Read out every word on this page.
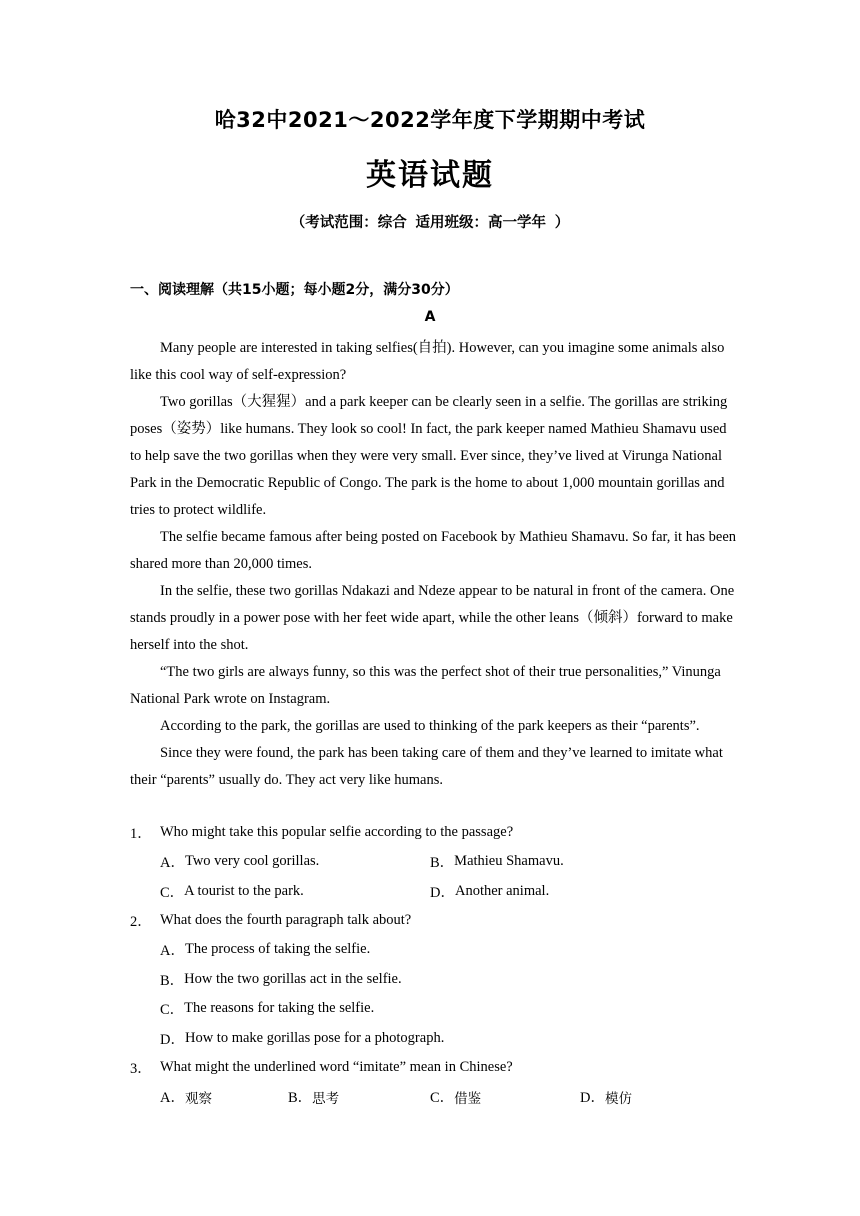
哈32中2021～2022学年度下学期期中考试
英语试题
（考试范围：综合 适用班级：高一学年 ）
一、阅读理解（共15小题；每小题2分，满分30分）
A

Many people are interested in taking selfies(自拍). However, can you imagine some animals also like this cool way of self-expression?

Two gorillas（大猩猩）and a park keeper can be clearly seen in a selfie. The gorillas are striking poses（姿势）like humans. They look so cool! In fact, the park keeper named Mathieu Shamavu used to help save the two gorillas when they were very small. Ever since, they’ve lived at Virunga National Park in the Democratic Republic of Congo. The park is the home to about 1,000 mountain gorillas and tries to protect wildlife.

The selfie became famous after being posted on Facebook by Mathieu Shamavu. So far, it has been shared more than 20,000 times.

In the selfie, these two gorillas Ndakazi and Ndeze appear to be natural in front of the camera. One stands proudly in a power pose with her feet wide apart, while the other leans（倾斜）forward to make herself into the shot.

“The two girls are always funny, so this was the perfect shot of their true personalities,” Vinunga National Park wrote on Instagram.

According to the park, the gorillas are used to thinking of the park keepers as their “parents”.

Since they were found, the park has been taking care of them and they’ve learned to imitate what their “parents” usually do. They act very like humans.

1． Who might take this popular selfie according to the passage?
A． Two very cool gorillas.	B． Mathieu Shamavu.
C． A tourist to the park.	D． Another animal.
2． What does the fourth paragraph talk about?
A． The process of taking the selfie.
B． How the two gorillas act in the selfie.
C． The reasons for taking the selfie.
D． How to make gorillas pose for a photograph.
3． What might the underlined word “imitate” mean in Chinese?
A． 观察	B． 思考	C． 借鉴	D． 模仿
